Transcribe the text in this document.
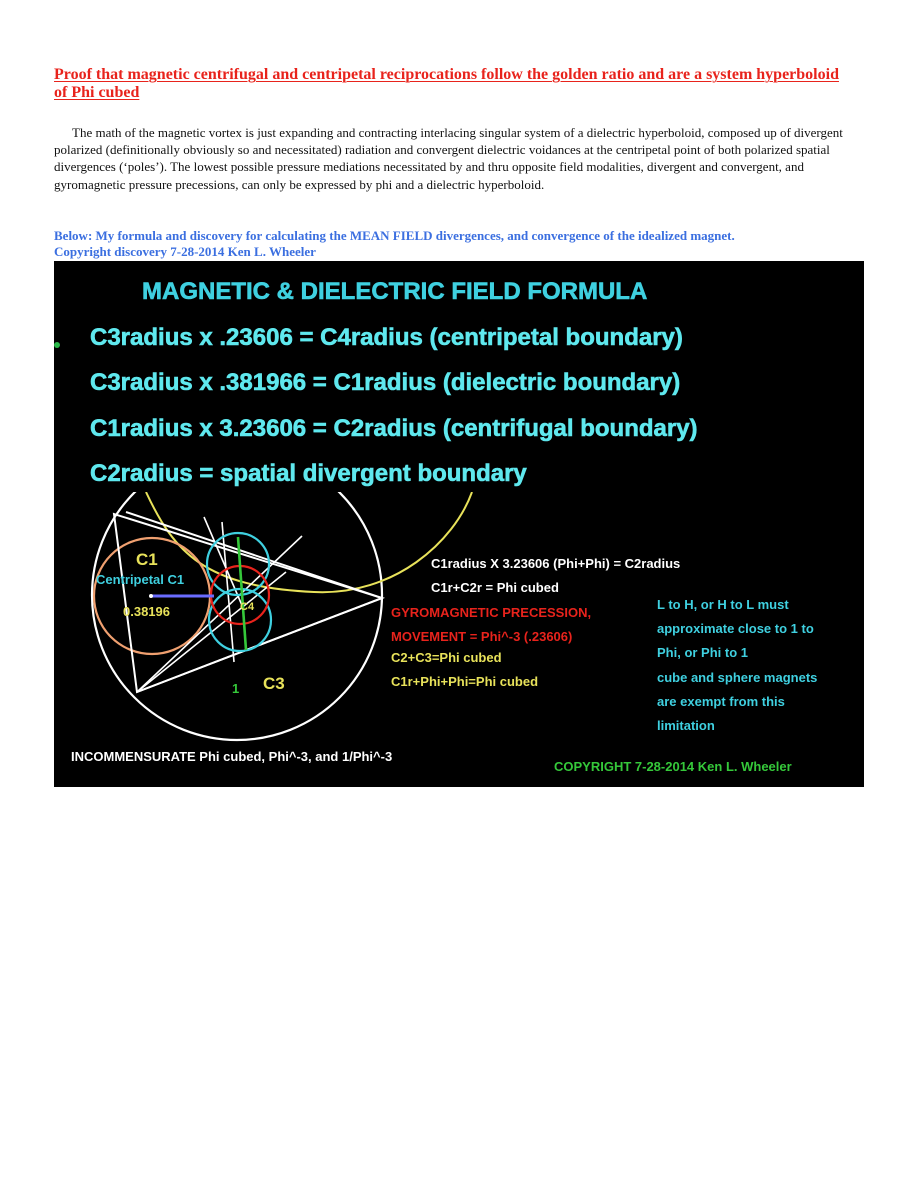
Proof that magnetic centrifugal and centripetal reciprocations follow the golden ratio and are a system hyperboloid of Phi cubed

The math of the magnetic vortex is just expanding and contracting interlacing singular system of a dielectric hyperboloid, composed up of divergent polarized (definitionally obviously so and necessitated) radiation and convergent dielectric voidances at the centripetal point of both polarized spatial divergences (‘poles’). The lowest possible pressure mediations necessitated by and thru opposite field modalities, divergent and convergent, and gyromagnetic pressure precessions, can only be expressed by phi and a dielectric hyperboloid.

Below: My formula and discovery for calculating the MEAN FIELD divergences, and convergence of the idealized magnet.
Copyright discovery 7-28-2014 Ken L. Wheeler

MAGNETIC & DIELECTRIC FIELD FORMULA
C3radius x .23606 = C4radius (centripetal boundary)
C3radius x .381966 = C1radius (dielectric boundary)
C1radius x 3.23606 = C2radius (centrifugal boundary)
C2radius = spatial divergent boundary
C1
Centripetal C1
0.38196	C4
1 C3
C1radius X 3.23606 (Phi+Phi) = C2radius
C1r+C2r = Phi cubed
GYROMAGNETIC PRECESSION,
MOVEMENT = Phi^-3 (.23606)
C2+C3=Phi cubed
C1r+Phi+Phi=Phi cubed
L to H, or H to L must
approximate close to 1 to
Phi, or Phi to 1
cube and sphere magnets
are exempt from this
limitation
INCOMMENSURATE Phi cubed, Phi^-3, and 1/Phi^-3
COPYRIGHT 7-28-2014 Ken L. Wheeler
